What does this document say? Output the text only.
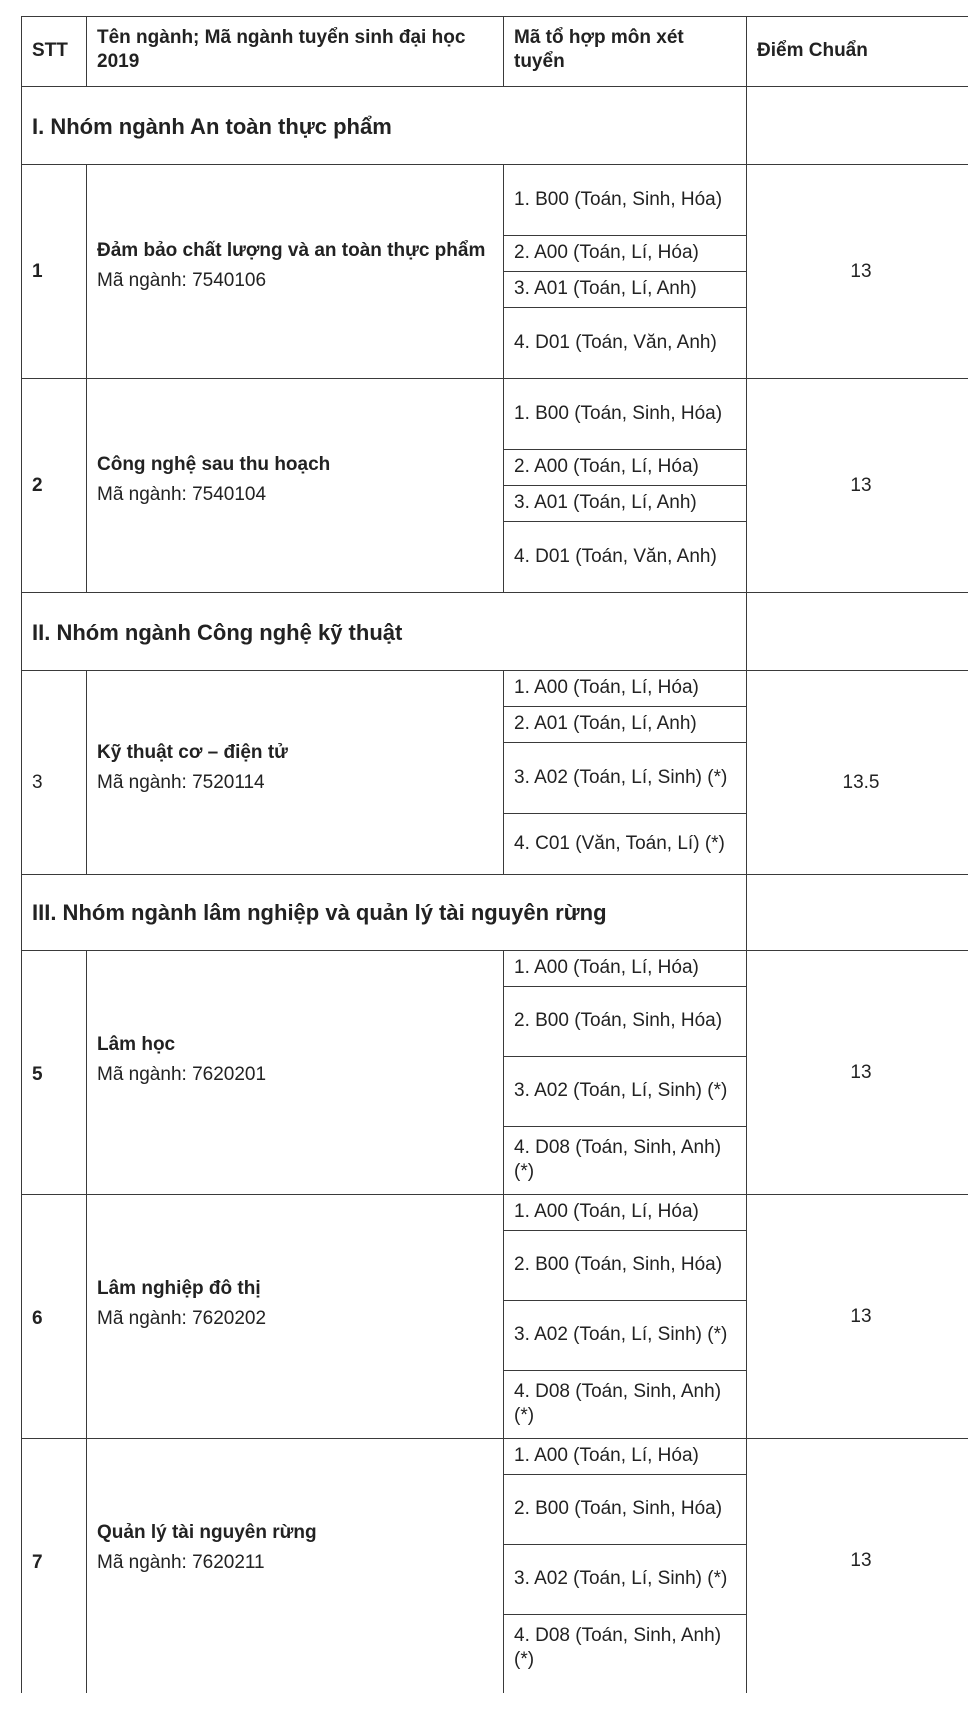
STT
Tên ngành; Mã ngành tuyển sinh đại học 2019
Mã tổ hợp môn xét tuyển
Điểm Chuẩn
I. Nhóm ngành An toàn thực phẩm
1
Đảm bảo chất lượng và an toàn thực phẩm
Mã ngành: 7540106
1. B00 (Toán, Sinh, Hóa)
2. A00 (Toán, Lí, Hóa)
3. A01 (Toán, Lí, Anh)
4. D01 (Toán, Văn, Anh)
13
2
Công nghệ sau thu hoạch
Mã ngành: 7540104
1. B00 (Toán, Sinh, Hóa)
2. A00 (Toán, Lí, Hóa)
3. A01 (Toán, Lí, Anh)
4. D01 (Toán, Văn, Anh)
13
II. Nhóm ngành Công nghệ kỹ thuật
3
Kỹ thuật cơ – điện tử
Mã ngành: 7520114
1. A00 (Toán, Lí, Hóa)
2. A01 (Toán, Lí, Anh)
3. A02 (Toán, Lí, Sinh) (*)
4. C01 (Văn, Toán, Lí) (*)
13.5
III. Nhóm ngành lâm nghiệp và quản lý tài nguyên rừng
5
Lâm học
Mã ngành: 7620201
1. A00 (Toán, Lí, Hóa)
2. B00 (Toán, Sinh, Hóa)
3. A02 (Toán, Lí, Sinh) (*)
4. D08 (Toán, Sinh, Anh) (*)
13
6
Lâm nghiệp đô thị
Mã ngành: 7620202
1. A00 (Toán, Lí, Hóa)
2. B00 (Toán, Sinh, Hóa)
3. A02 (Toán, Lí, Sinh) (*)
4. D08 (Toán, Sinh, Anh) (*)
13
7
Quản lý tài nguyên rừng
Mã ngành: 7620211
1. A00 (Toán, Lí, Hóa)
2. B00 (Toán, Sinh, Hóa)
3. A02 (Toán, Lí, Sinh) (*)
4. D08 (Toán, Sinh, Anh) (*)
13
